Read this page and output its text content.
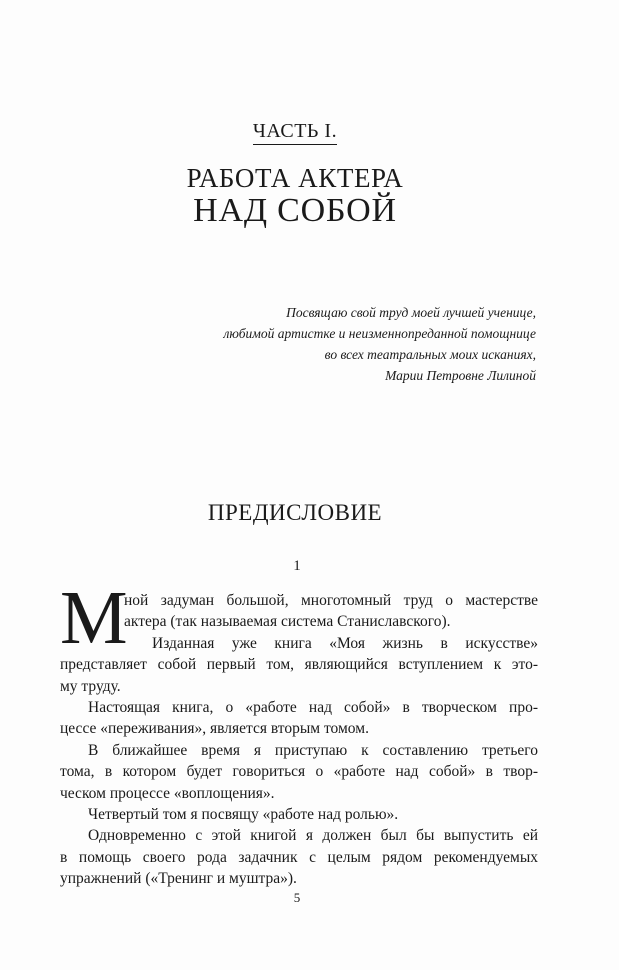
ЧАСТЬ I.
РАБОТА АКТЕРА
НАД СОБОЙ
Посвящаю свой труд моей лучшей ученице,
любимой артистке и неизменнопреданной помощнице
во всех театральных моих исканиях,
Марии Петровне Лилиной
ПРЕДИСЛОВИЕ
1
М
ной задуман большой, многотомный труд о мастерстве
актера (так называемая система Станиславского).
Изданная уже книга «Моя жизнь в искусстве»
представляет собой первый том, являющийся вступлением к это-
му труду.
Настоящая книга, о «работе над собой» в творческом про-
цессе «переживания», является вторым томом.
В ближайшее время я приступаю к составлению третьего
тома, в котором будет говориться о «работе над собой» в твор-
ческом процессе «воплощения».
Четвертый том я посвящу «работе над ролью».
Одновременно с этой книгой я должен был бы выпустить ей
в помощь своего рода задачник с целым рядом рекомендуемых
упражнений («Тренинг и муштра»).
5
